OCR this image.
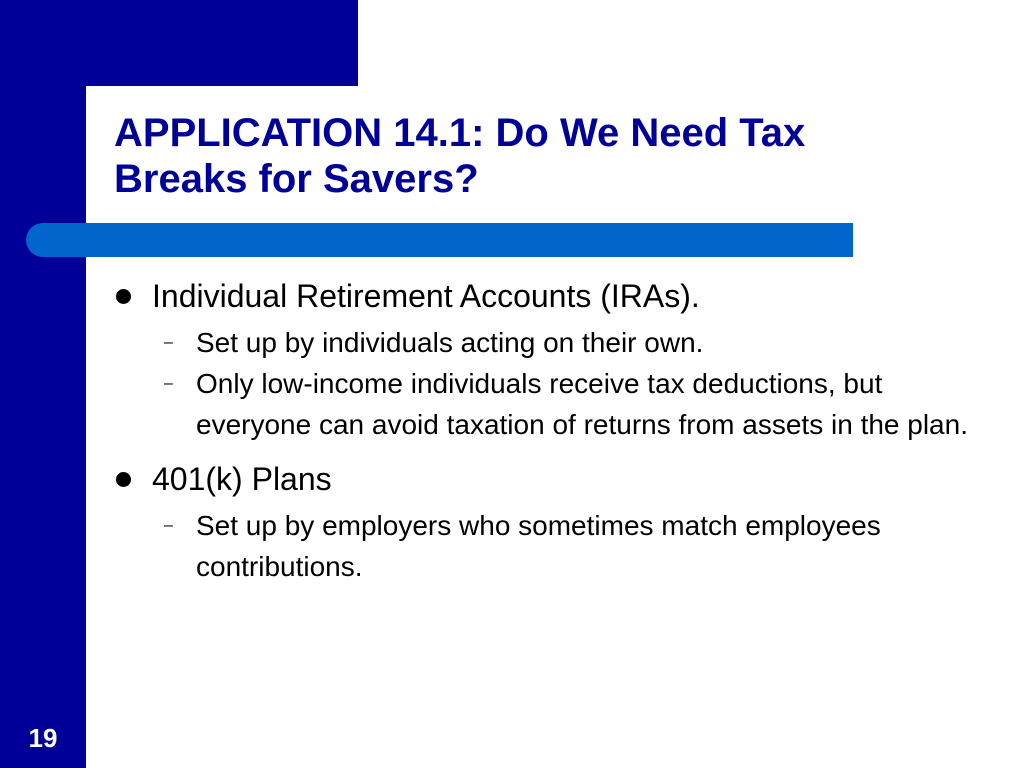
APPLICATION 14.1: Do We Need Tax
Breaks for Savers?

Individual Retirement Accounts (IRAs).

– Set up by individuals acting on their own.

– Only low-income individuals receive tax deductions, but everyone can avoid taxation of returns from assets in the plan.

401(k) Plans

– Set up by employers who sometimes match employees contributions.

19
